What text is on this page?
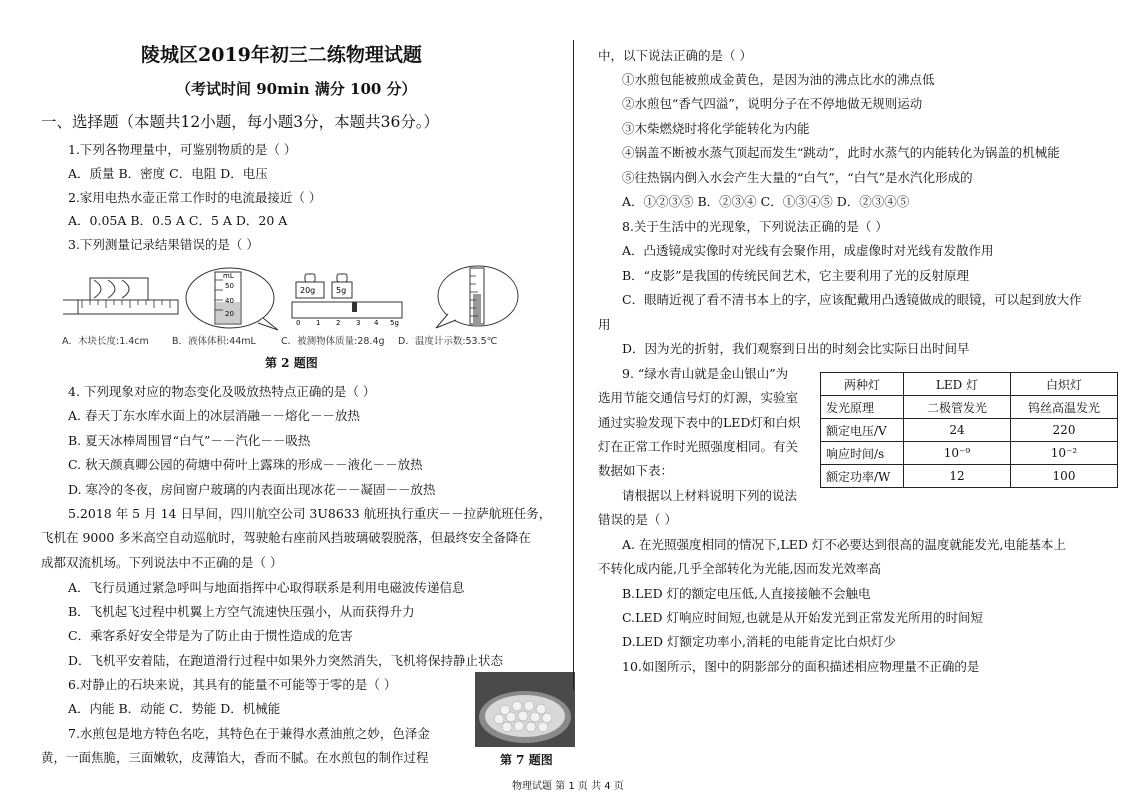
陵城区2019年初三二练物理试题
（考试时间 90min 满分 100 分）
一、选择题（本题共12小题，每小题3分，本题共36分。）
1.下列各物理量中，可鉴别物质的是（ ）
A．质量 B．密度 C．电阻 D．电压
2.家用电热水壶正常工作时的电流最接近（ ）
A．0.05A B．0.5 A C．5 A D．20 A
3.下列测量记录结果错误的是（ ）
mL
50
40
20
20g	5g
0 1 2 3 4 5g
A．木块长度:1.4cm B．液体体积:44mL	C．被测物体质量:28.4g D．温度计示数:53.5℃
第 2 题图
4. 下列现象对应的物态变化及吸放热特点正确的是（ ）
A. 春天丁东水库水面上的冰层消融－－熔化－－放热
B. 夏天冰棒周围冒“白气”－－汽化－－吸热
C. 秋天颜真卿公园的荷塘中荷叶上露珠的形成－－液化－－放热
D. 寒冷的冬夜，房间窗户玻璃的内表面出现冰花－－凝固－－放热
5.2018 年 5 月 14 日早间，四川航空公司 3U8633 航班执行重庆－－拉萨航班任务，
飞机在 9000 多米高空自动巡航时，驾驶舱右座前风挡玻璃破裂脱落，但最终安全备降在
成都双流机场。下列说法中不正确的是（ ）
A．飞行员通过紧急呼叫与地面指挥中心取得联系是利用电磁波传递信息
B．飞机起飞过程中机翼上方空气流速快压强小，从而获得升力
C．乘客系好安全带是为了防止由于惯性造成的危害
D．飞机平安着陆，在跑道滑行过程中如果外力突然消失，飞机将保持静止状态
6.对静止的石块来说，其具有的能量不可能等于零的是（ ）
A．内能 B．动能 C．势能 D．机械能
7.水煎包是地方特色名吃，其特色在于兼得水煮油煎之妙，色泽金
黄，一面焦脆，三面嫩软，皮薄馅大，香而不腻。在水煎包的制作过程	第 7 题图
中，以下说法正确的是（ ）
①水煎包能被煎成金黄色，是因为油的沸点比水的沸点低
②水煎包“香气四溢”，说明分子在不停地做无规则运动
③木柴燃烧时将化学能转化为内能
④锅盖不断被水蒸气顶起而发生“跳动”，此时水蒸气的内能转化为锅盖的机械能
⑤往热锅内倒入水会产生大量的“白气”，“白气”是水汽化形成的
A．①②③⑤ B．②③④ C．①③④⑤ D．②③④⑤
8.关于生活中的光现象，下列说法正确的是（ ）
A．凸透镜成实像时对光线有会聚作用，成虚像时对光线有发散作用
B．“皮影”是我国的传统民间艺术，它主要利用了光的反射原理
C．眼睛近视了看不清书本上的字，应该配戴用凸透镜做成的眼镜，可以起到放大作
用
D．因为光的折射，我们观察到日出的时刻会比实际日出时间早
9. “绿水青山就是金山银山”为
选用节能交通信号灯的灯源，实验室
通过实验发现下表中的LED灯和白炽
灯在正常工作时光照强度相同。有关
数据如下表：
两种灯	LED 灯	白炽灯
发光原理	二极管发光	钨丝高温发光
额定电压/V	24	220
响应时间/s	10⁻⁹	10⁻²
额定功率/W	12	100
请根据以上材料说明下列的说法
错误的是（ ）
A. 在光照强度相同的情况下,LED 灯不必要达到很高的温度就能发光,电能基本上
不转化成内能,几乎全部转化为光能,因而发光效率高
B.LED 灯的额定电压低,人直接接触不会触电
C.LED 灯响应时间短,也就是从开始发光到正常发光所用的时间短
D.LED 灯额定功率小,消耗的电能肯定比白炽灯少
10.如图所示，图中的阴影部分的面积描述相应物理量不正确的是
物理试题 第 1 页 共 4 页
